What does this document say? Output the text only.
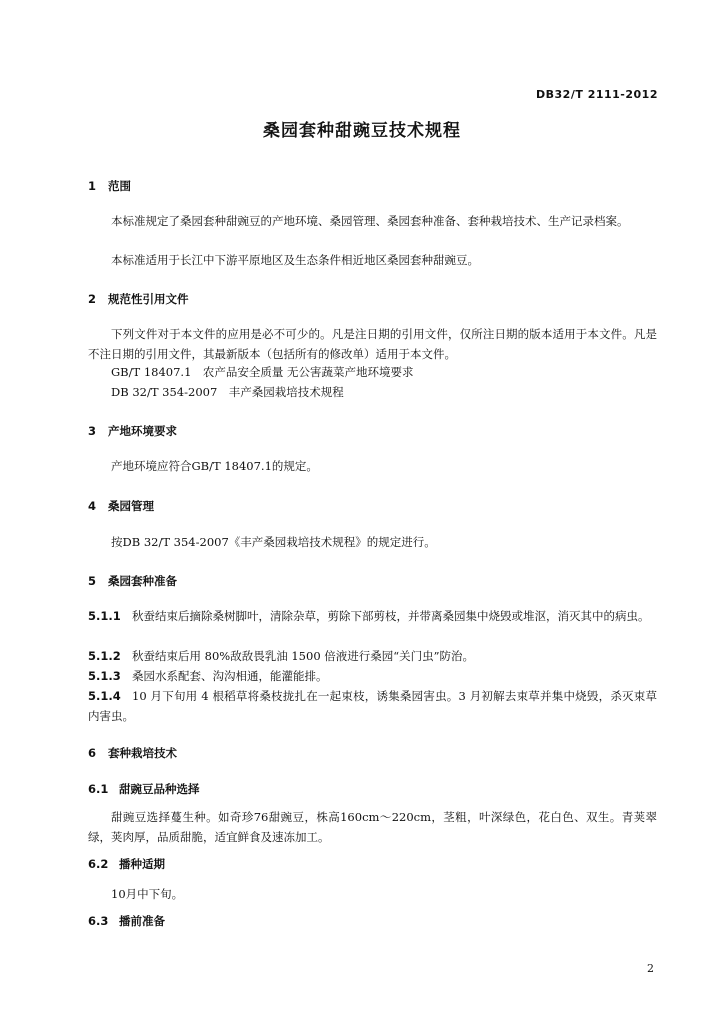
DB32/T 2111-2012
桑园套种甜豌豆技术规程
1 范围
本标准规定了桑园套种甜豌豆的产地环境、桑园管理、桑园套种准备、套种栽培技术、生产记录档案。
本标准适用于长江中下游平原地区及生态条件相近地区桑园套种甜豌豆。
2 规范性引用文件
下列文件对于本文件的应用是必不可少的。凡是注日期的引用文件，仅所注日期的版本适用于本文件。凡是不注日期的引用文件，其最新版本（包括所有的修改单）适用于本文件。
GB/T 18407.1　农产品安全质量 无公害蔬菜产地环境要求
DB 32/T 354-2007　丰产桑园栽培技术规程
3 产地环境要求
产地环境应符合GB/T 18407.1的规定。
4 桑园管理
按DB 32/T 354-2007《丰产桑园栽培技术规程》的规定进行。
5 桑园套种准备
5.1.1 秋蚕结束后摘除桑树脚叶，清除杂草，剪除下部剪枝，并带离桑园集中烧毁或堆沤，消灭其中的病虫。
5.1.2 秋蚕结束后用 80%敌敌畏乳油 1500 倍液进行桑园“关门虫”防治。
5.1.3 桑园水系配套、沟沟相通，能灌能排。
5.1.4 10 月下旬用 4 根稻草将桑枝拢扎在一起束枝，诱集桑园害虫。3 月初解去束草并集中烧毁，杀灭束草内害虫。
6 套种栽培技术
6.1 甜豌豆品种选择
甜豌豆选择蔓生种。如奇珍76甜豌豆，株高160cm～220cm，茎粗，叶深绿色，花白色、双生。青荚翠绿，荚肉厚，品质甜脆，适宜鲜食及速冻加工。
6.2 播种适期
10月中下旬。
6.3 播前准备
2
